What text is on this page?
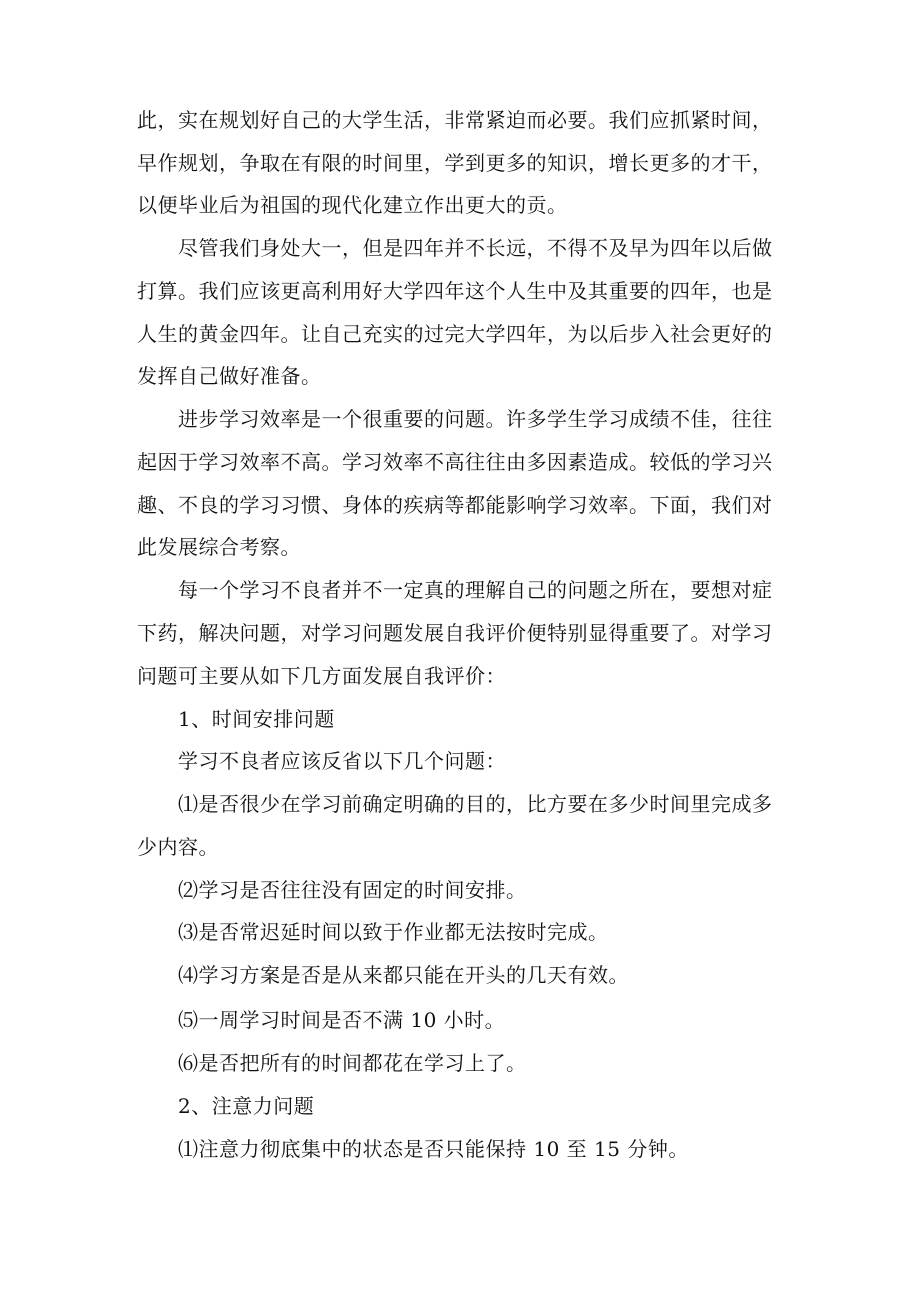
此，实在规划好自己的大学生活，非常紧迫而必要。我们应抓紧时间，
早作规划，争取在有限的时间里，学到更多的知识，增长更多的才干，
以便毕业后为祖国的现代化建立作出更大的贡。
尽管我们身处大一，但是四年并不长远，不得不及早为四年以后做
打算。我们应该更高利用好大学四年这个人生中及其重要的四年，也是
人生的黄金四年。让自己充实的过完大学四年，为以后步入社会更好的
发挥自己做好准备。
进步学习效率是一个很重要的问题。许多学生学习成绩不佳，往往
起因于学习效率不高。学习效率不高往往由多因素造成。较低的学习兴
趣、不良的学习习惯、身体的疾病等都能影响学习效率。下面，我们对
此发展综合考察。
每一个学习不良者并不一定真的理解自己的问题之所在，要想对症
下药，解决问题，对学习问题发展自我评价便特别显得重要了。对学习
问题可主要从如下几方面发展自我评价：
1、时间安排问题
学习不良者应该反省以下几个问题：
⑴是否很少在学习前确定明确的目的，比方要在多少时间里完成多
少内容。
⑵学习是否往往没有固定的时间安排。
⑶是否常迟延时间以致于作业都无法按时完成。
⑷学习方案是否是从来都只能在开头的几天有效。
⑸一周学习时间是否不满 10 小时。
⑹是否把所有的时间都花在学习上了。
2、注意力问题
⑴注意力彻底集中的状态是否只能保持 10 至 15 分钟。
